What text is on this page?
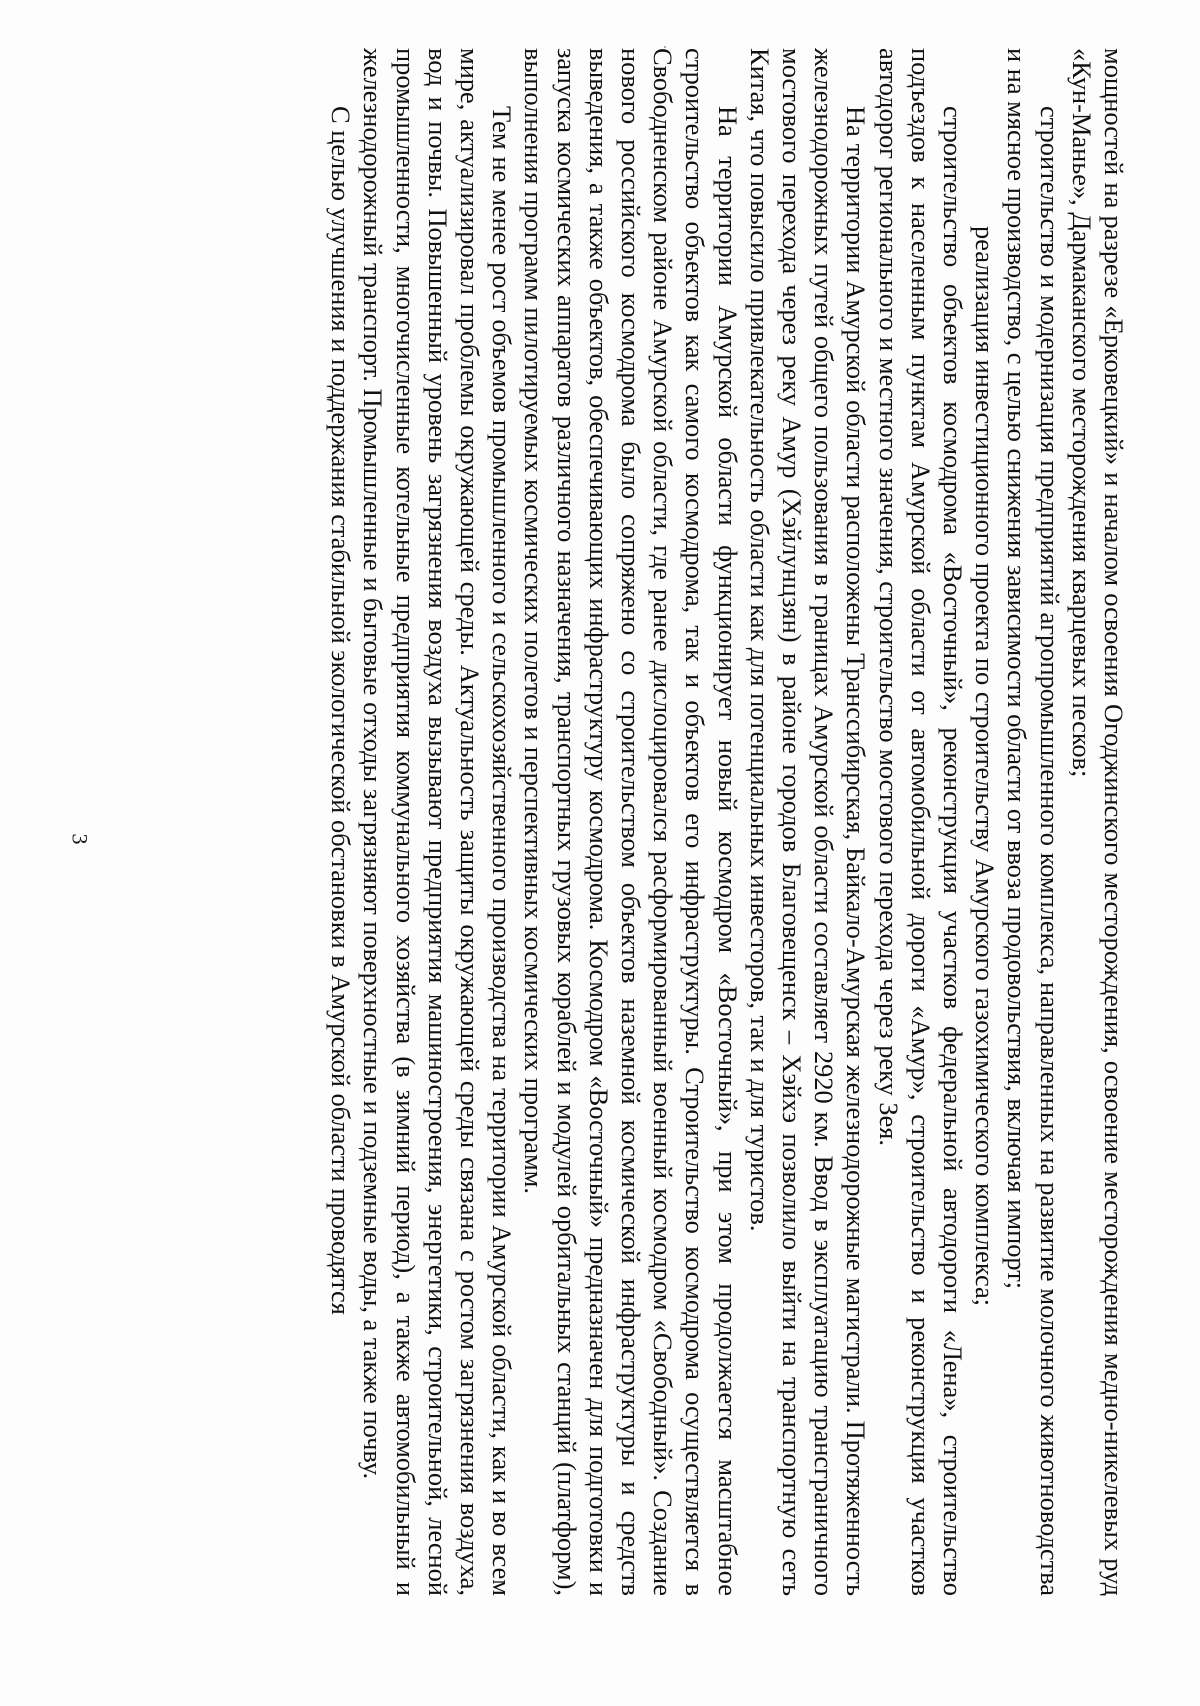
3	мощностей на разрезе «Ерковецкий» и началом освоения Огоджинского месторождения, освоение месторождения медно-никелевых руд «Кун-Манье», Дармаканского месторождения кварцевых песков;

строительство и модернизация предприятий агропромышленного комплекса, направленных на развитие молочного животноводства и на мясное производство, с целью снижения зависимости области от ввоза продовольствия, включая импорт;

реализация инвестиционного проекта по строительству Амурского газохимического комплекса;

строительство объектов космодрома «Восточный», реконструкция участков федеральной автодороги «Лена», строительство подъездов к населенным пунктам Амурской области от автомобильной дороги «Амур», строительство и реконструкция участков автодорог регионального и местного значения, строительство мостового перехода через реку Зея.

На территории Амурской области расположены Транссибирская, Байкало-Амурская железнодорожные магистрали. Протяженность железнодорожных путей общего пользования в границах Амурской области составляет 2920 км. Ввод в эксплуатацию трансграничного мостового перехода через реку Амур (Хэйлунцзян) в районе городов Благовещенск – Хэйхэ позволило выйти на транспортную сеть Китая, что повысило привлекательность области как для потенциальных инвесторов, так и для туристов.

На территории Амурской области функционирует новый космодром «Восточный», при этом продолжается масштабное строительство объектов как самого космодрома, так и объектов его инфраструктуры. Строительство космодрома осуществляется в Свободненском районе Амурской области, где ранее дислоцировался расформированный военный космодром «Свободный». Создание нового российского космодрома было сопряжено со строительством объектов наземной космической инфраструктуры и средств выведения, а также объектов, обеспечивающих инфраструктуру космодрома. Космодром «Восточный» предназначен для подготовки и запуска космических аппаратов различного назначения, транспортных грузовых кораблей и модулей орбитальных станций (платформ), выполнения программ пилотируемых космических полетов и перспективных космических программ.

Тем не менее рост объемов промышленного и сельскохозяйственного производства на территории Амурской области, как и во всем мире, актуализировал проблемы окружающей среды. Актуальность защиты окружающей среды связана с ростом загрязнения воздуха, вод и почвы. Повышенный уровень загрязнения воздуха вызывают предприятия машиностроения, энергетики, строительной, лесной промышленности, многочисленные котельные предприятия коммунального хозяйства (в зимний период), а также автомобильный и железнодорожный транспорт. Промышленные и бытовые отходы загрязняют поверхностные и подземные воды, а также почву.

С целью улучшения и поддержания стабильной экологической обстановки в Амурской области проводятся
